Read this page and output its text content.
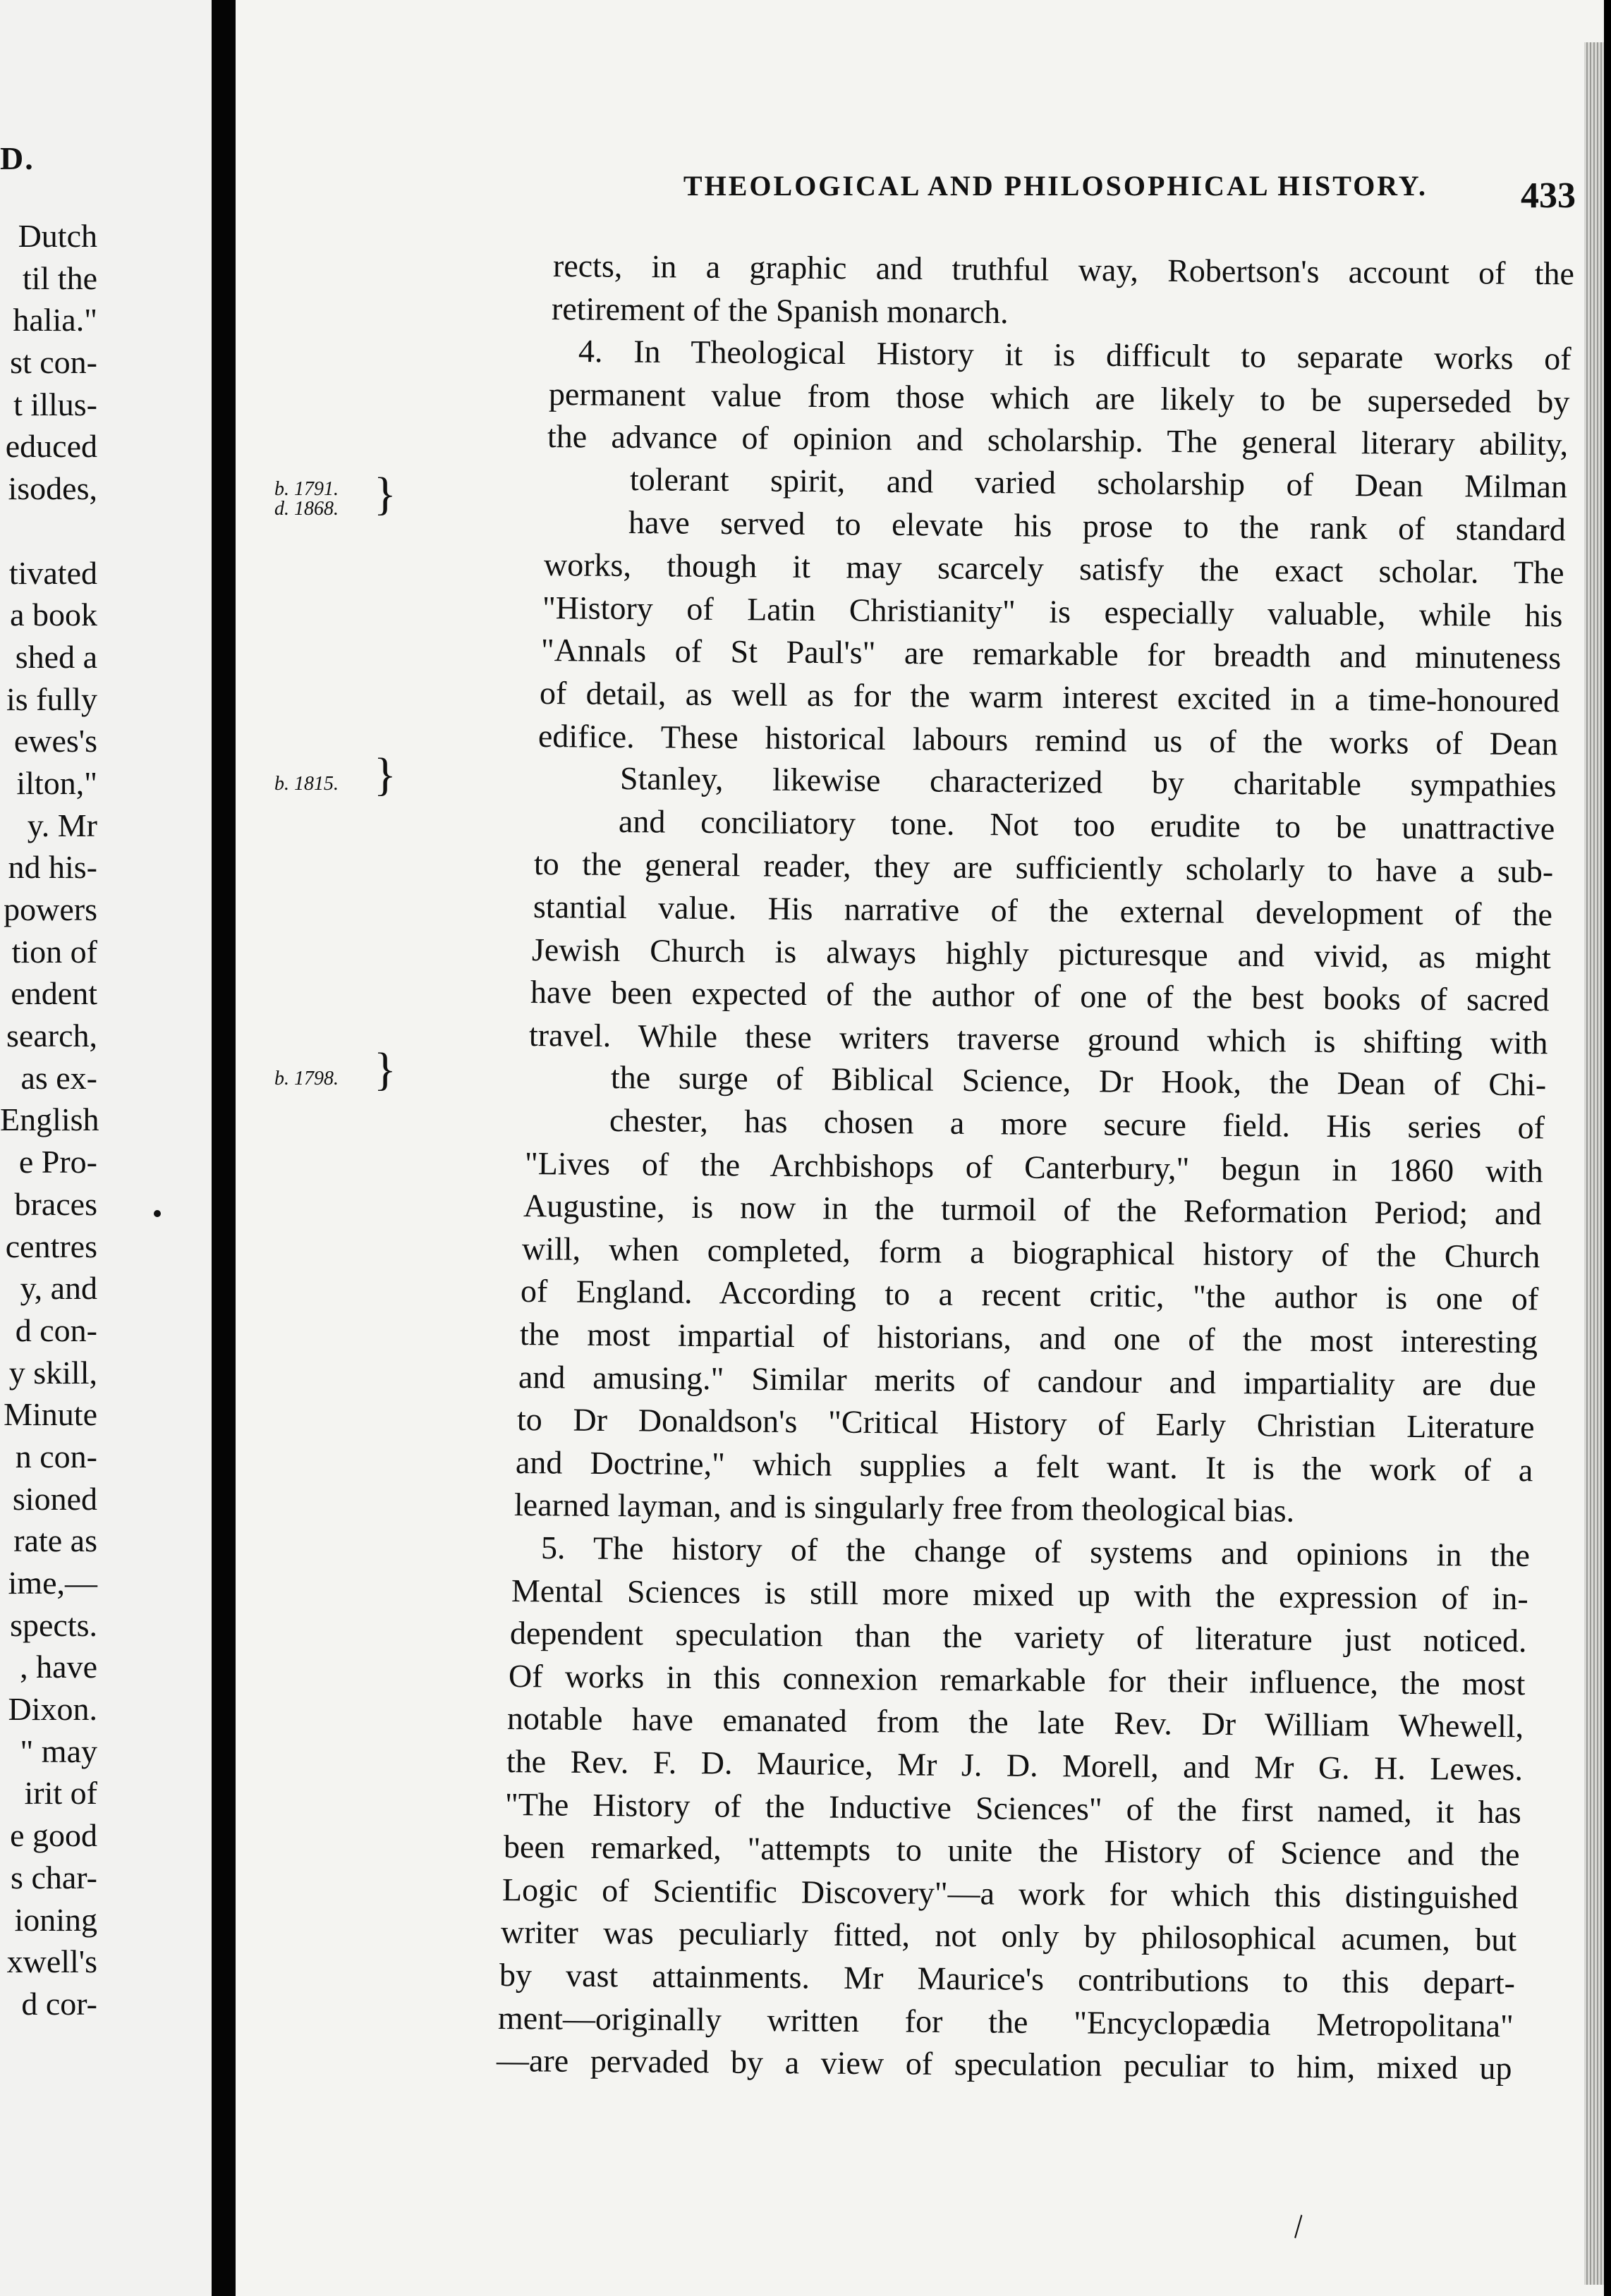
D.
Dutch
til the
halia."
st con-
t illus-
educed
isodes,
tivated
a book
shed a
is fully
ewes's
ilton,"
y. Mr
nd his-
powers
tion of
endent
search,
as ex-
English
e Pro-
braces
centres
y, and
d con-
y skill,
Minute
n con-
sioned
rate as
ime,—
spects.
, have
Dixon.
" may
irit of
e good
s char-
ioning
xwell's
d cor-
THEOLOGICAL AND PHILOSOPHICAL HISTORY.	433
b. 1791.
d. 1868. }
b. 1815. }
b. 1798. }
rects, in a graphic and truthful way, Robertson's account of the
retirement of the Spanish monarch.
4. In Theological History it is difficult to separate works of
permanent value from those which are likely to be superseded by
the advance of opinion and scholarship. The general literary ability,
tolerant spirit, and varied scholarship of Dean Milman
have served to elevate his prose to the rank of standard
works, though it may scarcely satisfy the exact scholar. The
"History of Latin Christianity" is especially valuable, while his
"Annals of St Paul's" are remarkable for breadth and minuteness
of detail, as well as for the warm interest excited in a time-honoured
edifice. These historical labours remind us of the works of Dean
Stanley, likewise characterized by charitable sympathies
and conciliatory tone. Not too erudite to be unattractive
to the general reader, they are sufficiently scholarly to have a sub-
stantial value. His narrative of the external development of the
Jewish Church is always highly picturesque and vivid, as might
have been expected of the author of one of the best books of sacred
travel. While these writers traverse ground which is shifting with
the surge of Biblical Science, Dr Hook, the Dean of Chi-
chester, has chosen a more secure field. His series of
"Lives of the Archbishops of Canterbury," begun in 1860 with
Augustine, is now in the turmoil of the Reformation Period; and
will, when completed, form a biographical history of the Church
of England. According to a recent critic, "the author is one of
the most impartial of historians, and one of the most interesting
and amusing." Similar merits of candour and impartiality are due
to Dr Donaldson's "Critical History of Early Christian Literature
and Doctrine," which supplies a felt want. It is the work of a
learned layman, and is singularly free from theological bias.
5. The history of the change of systems and opinions in the
Mental Sciences is still more mixed up with the expression of in-
dependent speculation than the variety of literature just noticed.
Of works in this connexion remarkable for their influence, the most
notable have emanated from the late Rev. Dr William Whewell,
the Rev. F. D. Maurice, Mr J. D. Morell, and Mr G. H. Lewes.
"The History of the Inductive Sciences" of the first named, it has
been remarked, "attempts to unite the History of Science and the
Logic of Scientific Discovery"—a work for which this distinguished
writer was peculiarly fitted, not only by philosophical acumen, but
by vast attainments. Mr Maurice's contributions to this depart-
ment—originally written for the "Encyclopædia Metropolitana"
—are pervaded by a view of speculation peculiar to him, mixed up
\
